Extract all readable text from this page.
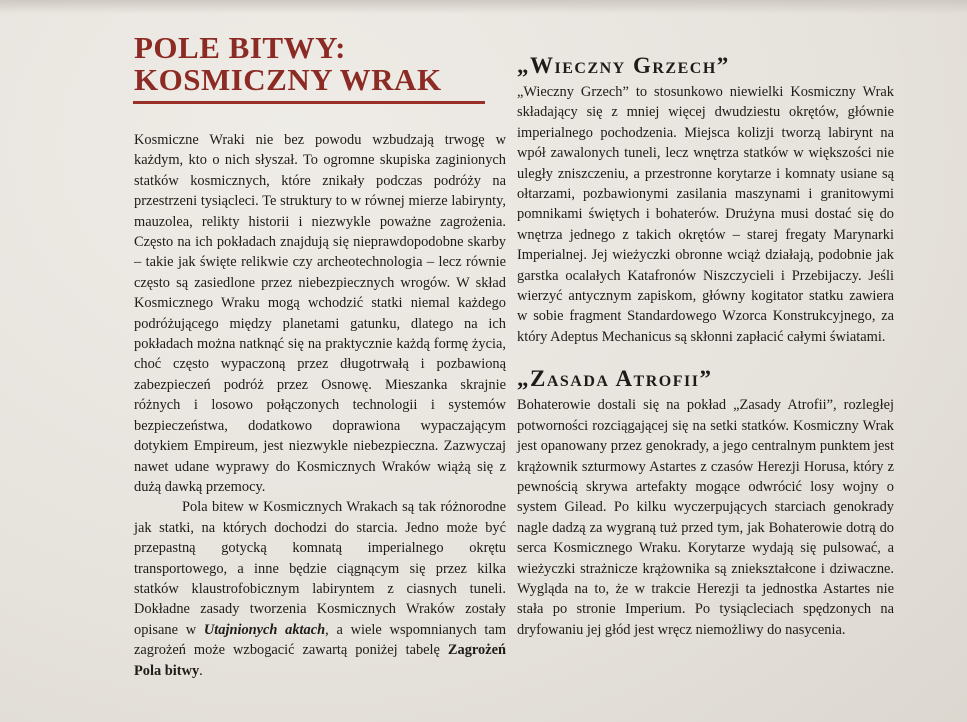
POLE BITWY:
KOSMICZNY WRAK

Kosmiczne Wraki nie bez powodu wzbudzają trwogę w każdym, kto o nich słyszał. To ogromne skupiska zaginionych statków kosmicznych, które znikały podczas podróży na przestrzeni tysiącleci. Te struktury to w równej mierze labirynty, mauzolea, relikty historii i niezwykle poważne zagrożenia. Często na ich pokładach znajdują się nieprawdopodobne skarby – takie jak święte relikwie czy archeotechnologia – lecz równie często są zasiedlone przez niebezpiecznych wrogów. W skład Kosmicznego Wraku mogą wchodzić statki niemal każdego podróżującego między planetami gatunku, dlatego na ich pokładach można natknąć się na praktycznie każdą formę życia, choć często wypaczoną przez długotrwałą i pozbawioną zabezpieczeń podróż przez Osnowę. Mieszanka skrajnie różnych i losowo połączonych technologii i systemów bezpieczeństwa, dodatkowo doprawiona wypaczającym dotykiem Empireum, jest niezwykle niebezpieczna. Zazwyczaj nawet udane wyprawy do Kosmicznych Wraków wiążą się z dużą dawką przemocy.

Pola bitew w Kosmicznych Wrakach są tak różnorodne jak statki, na których dochodzi do starcia. Jedno może być przepastną gotycką komnatą imperialnego okrętu transportowego, a inne będzie ciągnącym się przez kilka statków klaustrofobicznym labiryntem z ciasnych tuneli. Dokładne zasady tworzenia Kosmicznych Wraków zostały opisane w Utajnionych aktach, a wiele wspomnianych tam zagrożeń może wzbogacić zawartą poniżej tabelę Zagrożeń Pola bitwy.

„Wieczny Grzech”
„Wieczny Grzech” to stosunkowo niewielki Kosmiczny Wrak składający się z mniej więcej dwudziestu okrętów, głównie imperialnego pochodzenia. Miejsca kolizji tworzą labirynt na wpół zawalonych tuneli, lecz wnętrza statków w większości nie uległy zniszczeniu, a przestronne korytarze i komnaty usiane są ołtarzami, pozbawionymi zasilania maszynami i granitowymi pomnikami świętych i bohaterów. Drużyna musi dostać się do wnętrza jednego z takich okrętów – starej fregaty Marynarki Imperialnej. Jej wieżyczki obronne wciąż działają, podobnie jak garstka ocalałych Katafronów Niszczycieli i Przebijaczy. Jeśli wierzyć antycznym zapiskom, główny kogitator statku zawiera w sobie fragment Standardowego Wzorca Konstrukcyjnego, za który Adeptus Mechanicus są skłonni zapłacić całymi światami.
„Zasada Atrofii”
Bohaterowie dostali się na pokład „Zasady Atrofii”, rozległej potworności rozciągającej się na setki statków. Kosmiczny Wrak jest opanowany przez genokrady, a jego centralnym punktem jest krążownik szturmowy Astartes z czasów Herezji Horusa, który z pewnością skrywa artefakty mogące odwrócić losy wojny o system Gilead. Po kilku wyczerpujących starciach genokrady nagle dadzą za wygraną tuż przed tym, jak Bohaterowie dotrą do serca Kosmicznego Wraku. Korytarze wydają się pulsować, a wieżyczki strażnicze krążownika są zniekształcone i dziwaczne. Wygląda na to, że w trakcie Herezji ta jednostka Astartes nie stała po stronie Imperium. Po tysiącleciach spędzonych na dryfowaniu jej głód jest wręcz niemożliwy do nasycenia.
